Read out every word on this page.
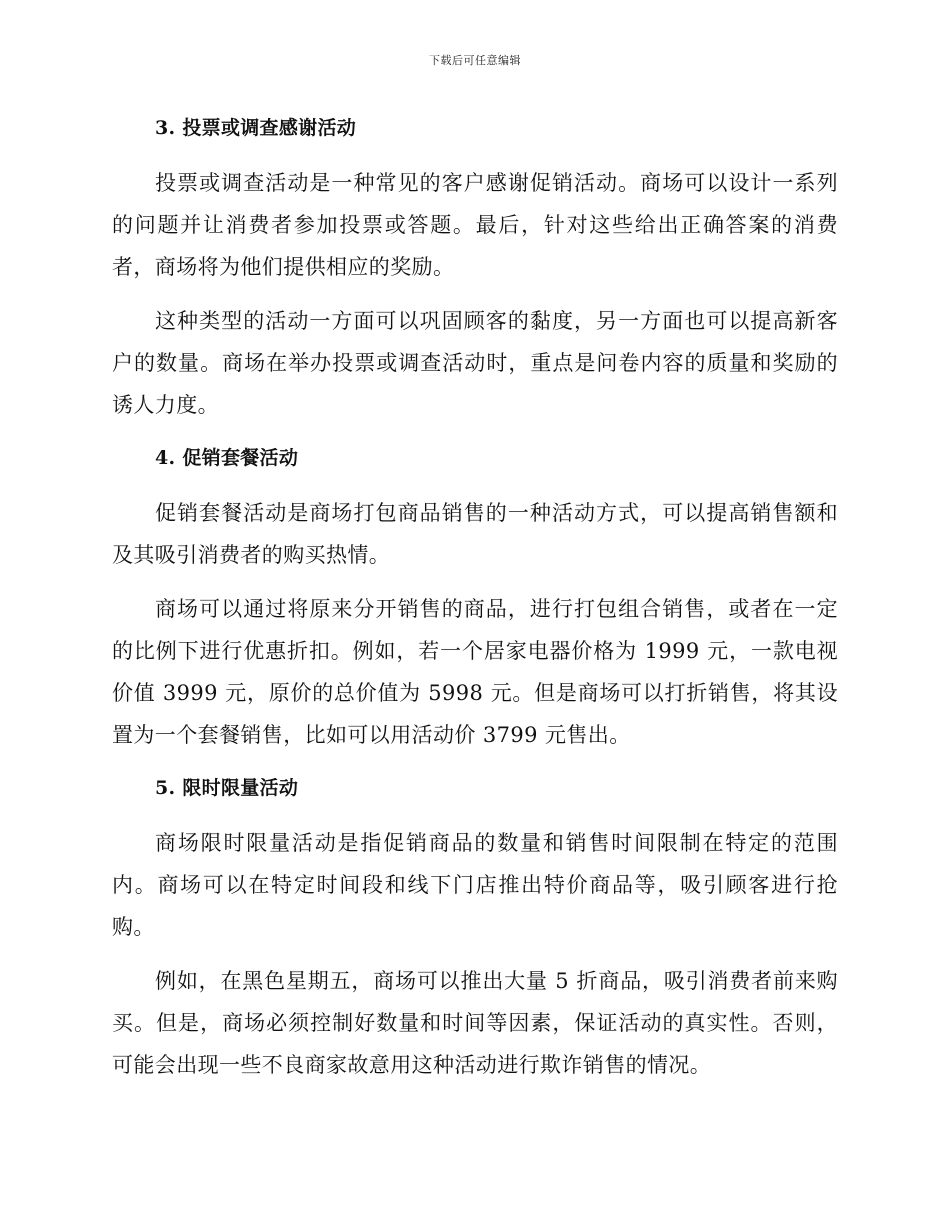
下载后可任意编辑
3. 投票或调查感谢活动

投票或调查活动是一种常见的客户感谢促销活动。商场可以设计一系列的问题并让消费者参加投票或答题。最后，针对这些给出正确答案的消费者，商场将为他们提供相应的奖励。

这种类型的活动一方面可以巩固顾客的黏度，另一方面也可以提高新客户的数量。商场在举办投票或调查活动时，重点是问卷内容的质量和奖励的诱人力度。

4. 促销套餐活动

促销套餐活动是商场打包商品销售的一种活动方式，可以提高销售额和及其吸引消费者的购买热情。

商场可以通过将原来分开销售的商品，进行打包组合销售，或者在一定的比例下进行优惠折扣。例如，若一个居家电器价格为 1999 元，一款电视价值 3999 元，原价的总价值为 5998 元。但是商场可以打折销售，将其设置为一个套餐销售，比如可以用活动价 3799 元售出。

5. 限时限量活动

商场限时限量活动是指促销商品的数量和销售时间限制在特定的范围内。商场可以在特定时间段和线下门店推出特价商品等，吸引顾客进行抢购。

例如，在黑色星期五，商场可以推出大量 5 折商品，吸引消费者前来购买。但是，商场必须控制好数量和时间等因素，保证活动的真实性。否则，可能会出现一些不良商家故意用这种活动进行欺诈销售的情况。
